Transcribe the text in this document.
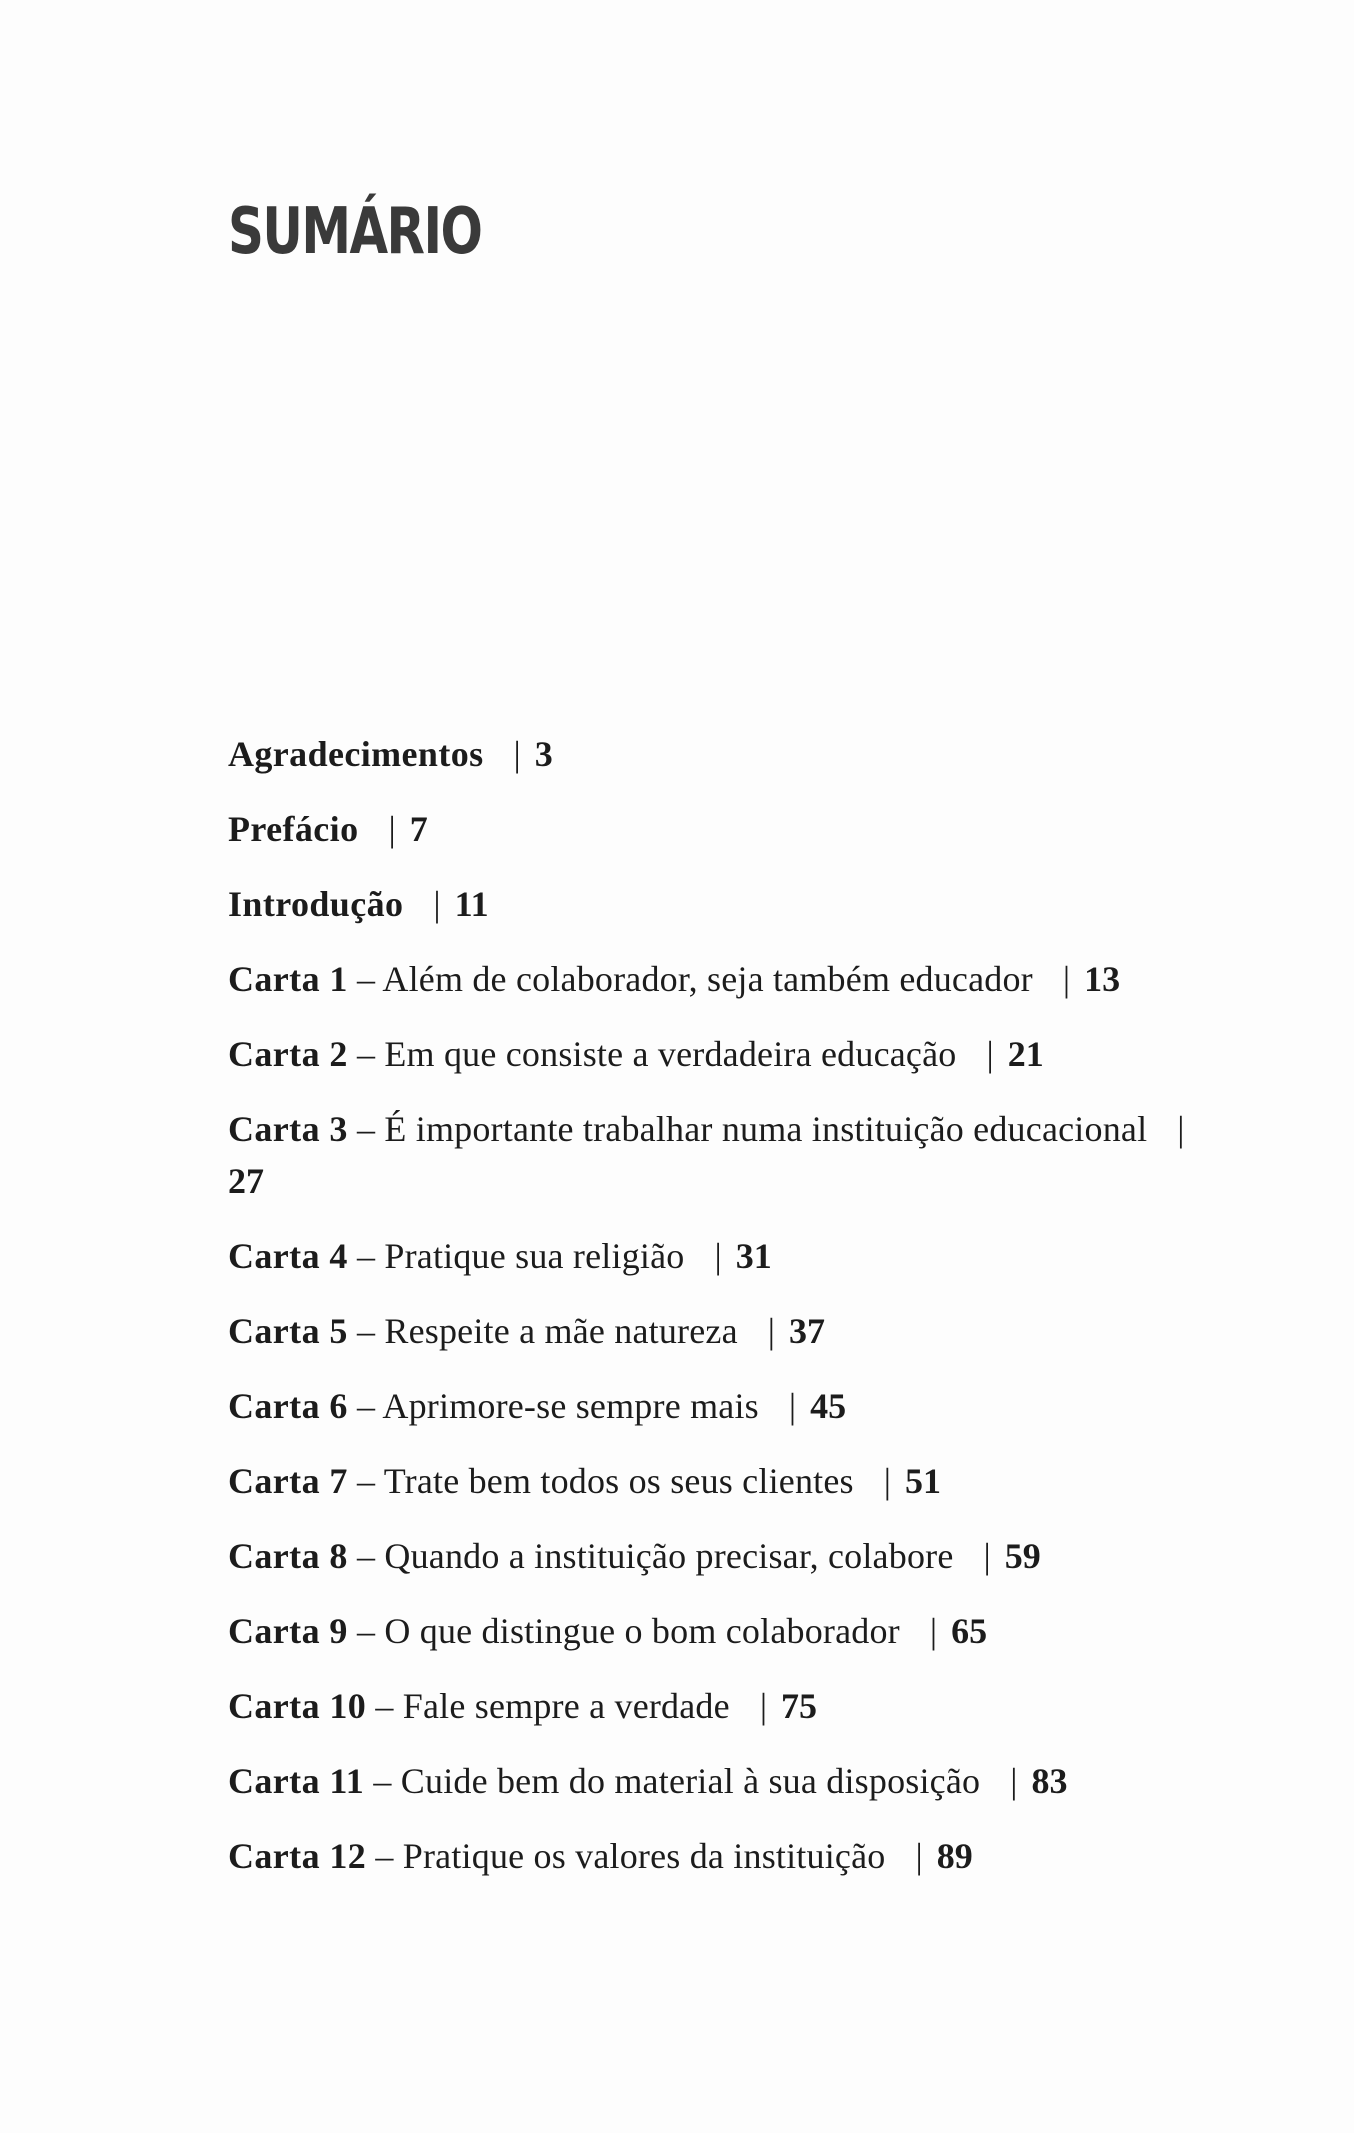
SUMÁRIO
Agradecimentos | 3
Prefácio | 7
Introdução | 11
Carta 1 – Além de colaborador, seja também educador | 13
Carta 2 – Em que consiste a verdadeira educação | 21
Carta 3 – É importante trabalhar numa instituição educacional |27
Carta 4 – Pratique sua religião | 31
Carta 5 – Respeite a mãe natureza | 37
Carta 6 – Aprimore-se sempre mais | 45
Carta 7 – Trate bem todos os seus clientes | 51
Carta 8 – Quando a instituição precisar, colabore | 59
Carta 9 – O que distingue o bom colaborador | 65
Carta 10 – Fale sempre a verdade | 75
Carta 11 – Cuide bem do material à sua disposição | 83
Carta 12 – Pratique os valores da instituição | 89
